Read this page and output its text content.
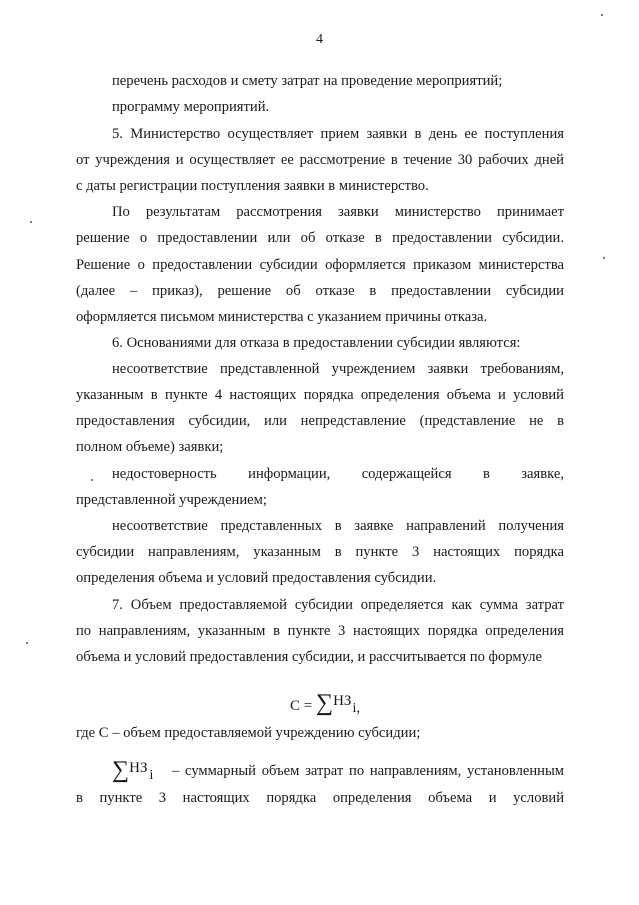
4
перечень расходов и смету затрат на проведение мероприятий;
программу мероприятий.
5. Министерство осуществляет прием заявки в день ее поступления
от учреждения и осуществляет ее рассмотрение в течение 30 рабочих дней
с даты регистрации поступления заявки в министерство.
По результатам рассмотрения заявки министерство принимает
решение о предоставлении или об отказе в предоставлении субсидии.
Решение о предоставлении субсидии оформляется приказом министерства
(далее – приказ), решение об отказе в предоставлении субсидии
оформляется письмом министерства с указанием причины отказа.
6. Основаниями для отказа в предоставлении субсидии являются:
несоответствие представленной учреждением заявки требованиям,
указанным в пункте 4 настоящих порядка определения объема и условий
предоставления субсидии, или непредставление (представление не в
полном объеме) заявки;
недостоверность информации, содержащейся в заявке,
представленной учреждением;
несоответствие представленных в заявке направлений получения
субсидии направлениям, указанным в пункте 3 настоящих порядка
определения объема и условий предоставления субсидии.
7. Объем предоставляемой субсидии определяется как сумма затрат
по направлениям, указанным в пункте 3 настоящих порядка определения
объема и условий предоставления субсидии, и рассчитывается по формуле
C = ∑НЗi,
где С – объем предоставляемой учреждению субсидии;
∑НЗ i – суммарный объем затрат по направлениям, установленным
в пункте 3 настоящих порядка определения объема и условий
